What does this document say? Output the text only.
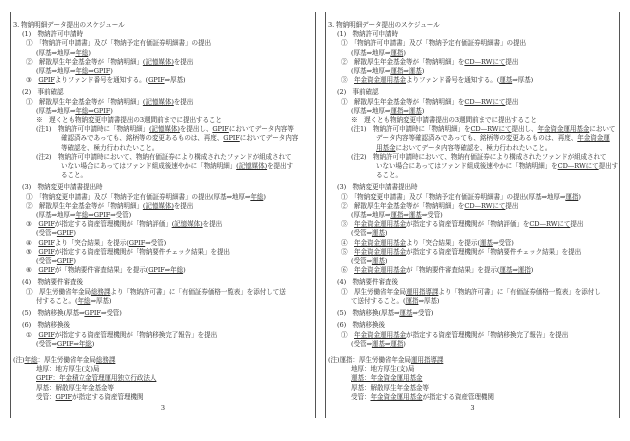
3. 物納明細データ提出のスケジュール
(1)　物納許可申請時
①　「物納許可申請書」及び「物納予定有価証券明細書」の提出
(厚基⇒地厚⇒年総)
②　解散厚生年金基金等が「物納明細」(記憶媒体)を提出
(厚基⇒地厚⇒年総⇒GPIF)
③　GPIFよりファンド番号を通知する。(GPIF⇒厚基)
(2)　事前確認
①　解散厚生年金基金等が「物納明細」(記憶媒体)を提出
(厚基⇒地厚⇒年総⇒GPIF)
※　遅くとも物納変更申請書提出の3週間前までに提出すること
(注1)　物納許可申請時に「物納明細」(記憶媒体)を提出し、GPIFにおいてデータ内容等
確認済みであっても、銘柄等の変更あるものは、再度、GPIFにおいてデータ内容
等確認を、極力行われたいこと。
(注2)　物納許可申請時において、物納有価証券により構成されたファンドが組成されて
いない場合にあってはファンド組成後速やかに「物納明細」(記憶媒体)を提出す
ること。
(3)　物納変更申請書提出時
①　「物納変更申請書」及び「物納予定有価証券明細書」の提出(厚基⇒地厚⇒年総)
②　解散厚生年金基金等が「物納明細」(記憶媒体)を提出
(厚基⇒地厚⇒年総⇒GPIF⇒受管)
③　GPIFが指定する資産管理機関が「物納評価」(記憶媒体)を提出
(受管⇒GPIF)
④　GPIFより「突合結果」を提示(GPIF⇒受管)
⑤　GPIFが指定する資産管理機関が「物納要件チェック結果」を提出
(受管⇒GPIF)
⑥　GPIFが「物納要件審査結果」を提示(GPIF⇒年総)
(4)　物納要件審査後
①　厚生労働省年金局総務課より「物納許可書」に「有価証券価格一覧表」を添付して送
付すること。(年総⇒厚基)
(5)　物納移換(厚基⇒GPIF⇒受管)
(6)　物納移換後
①　GPIFが指定する資産管理機関が「物納移換完了報告」を提出
(受管⇒GPIF⇒年総)
(注)年総：厚生労働省年金局総務課
地厚：地方厚生(支)局
GPIF：年金積立金管理運用独立行政法人
厚基：解散厚生年金基金等
受管：GPIFが指定する資産管理機関
3
3. 物納明細データ提出のスケジュール
(1)　物納許可申請時
①　「物納許可申請書」及び「物納予定有価証券明細書」の提出
(厚基⇒地厚⇒運指)
②　解散厚生年金基金等が「物納明細」をCD—RWにて提出
(厚基⇒地厚⇒運指⇒運基)
③　年金資金運用基金よりファンド番号を通知する。(運基⇒厚基)
(2)　事前確認
①　解散厚生年金基金等が「物納明細」をCD—RWにて提出
(厚基⇒地厚⇒運指⇒運基)
※　遅くとも物納変更申請書提出の3週間前までに提出すること
(注1)　物納許可申請時に「物納明細」をCD—RWにて提出し、年金資金運用基金において
データ内容等確認済みであっても、銘柄等の変更あるものは、再度、年金資金運
用基金においてデータ内容等確認を、極力行われたいこと。
(注2)　物納許可申請時において、物納有価証券により構成されたファンドが組成されて
いない場合にあってはファンド組成後速やかに「物納明細」をCD—RWにて提出す
ること。
(3)　物納変更申請書提出時
①　「物納変更申請書」及び「物納予定有価証券明細書」の提出(厚基⇒地厚⇒運指)
②　解散厚生年金基金等が「物納明細」をCD—RWにて提出
(厚基⇒地厚⇒運指⇒運基⇒受管)
③　年金資金運用基金が指定する資産管理機関が「物納評価」をCD—RWにて提出
(受管⇒運基)
④　年金資金運用基金より「突合結果」を提示(運基⇒受管)
⑤　年金資金運用基金が指定する資産管理機関が「物納要件チェック結果」を提出
(受管⇒運基)
⑥　年金資金運用基金が「物納要件審査結果」を提示(運基⇒運指)
(4)　物納要件審査後
①　厚生労働省年金局運用指導課より「物納許可書」に「有価証券価格一覧表」を添付し
て送付すること。(運指⇒厚基)
(5)　物納移換(厚基⇒運基⇒受管)
(6)　物納移換後
①　年金資金運用基金が指定する資産管理機関が「物納移換完了報告」を提出
(受管⇒運基⇒運指)
(注)運指：厚生労働省年金局運用指導課
地厚：地方厚生(支)局
運基：年金資金運用基金
厚基：解散厚生年金基金等
受管：年金資金運用基金が指定する資産管理機関
3
